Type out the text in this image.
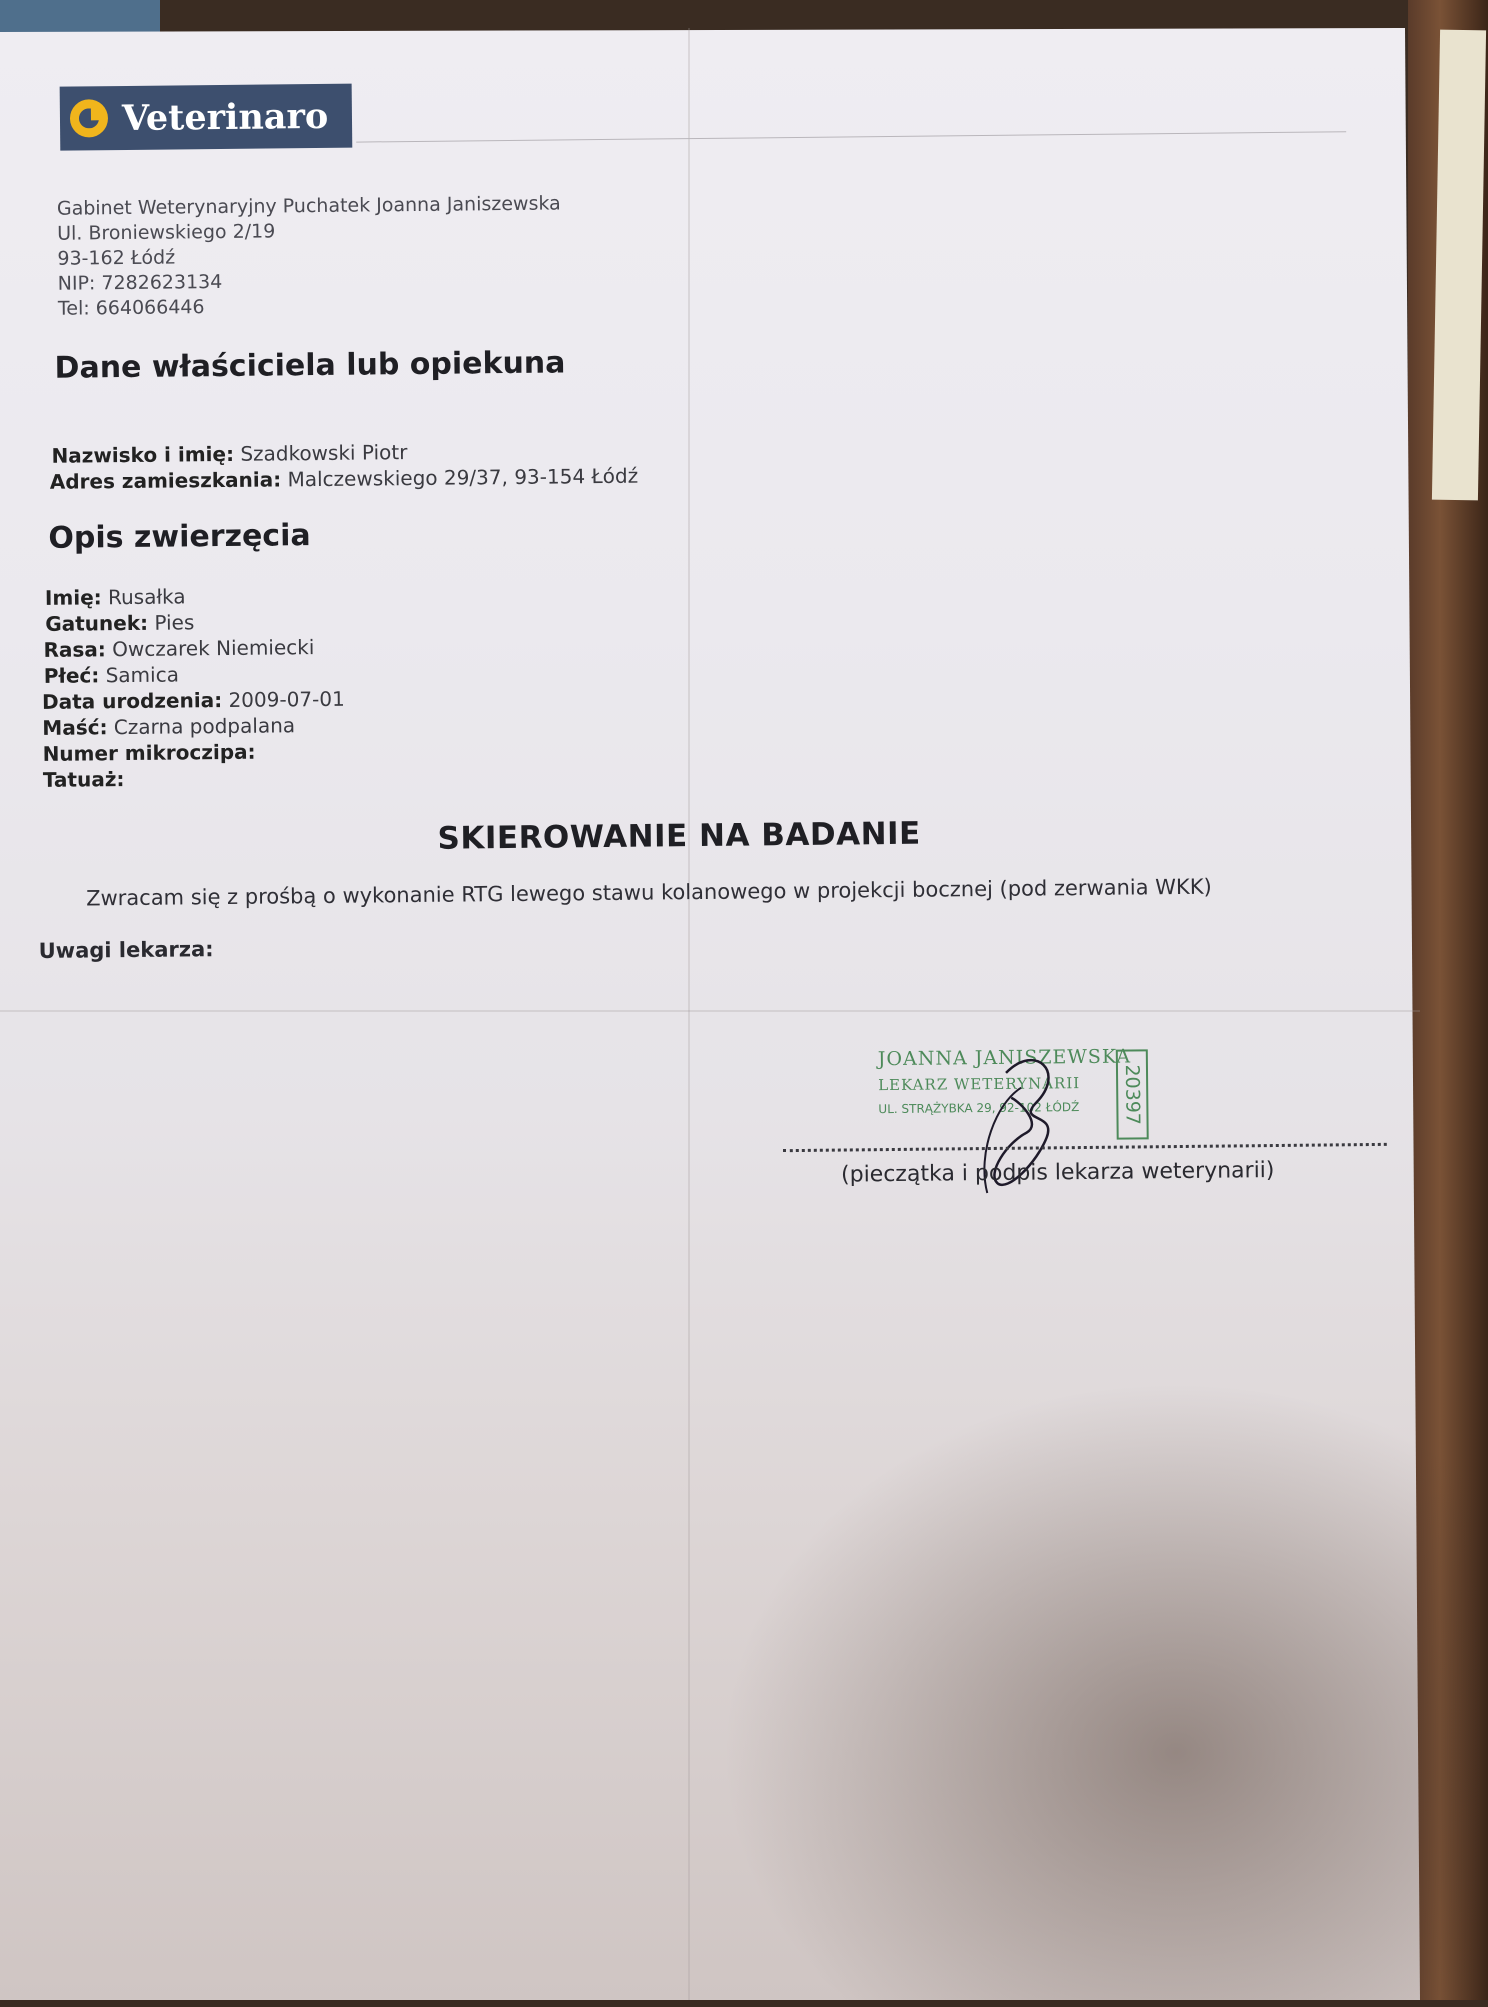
Veterinaro
Gabinet Weterynaryjny Puchatek Joanna Janiszewska
Ul. Broniewskiego 2/19
93-162 Łódź
NIP: 7282623134
Tel: 664066446
Dane właściciela lub opiekuna
Nazwisko i imię: Szadkowski Piotr
Adres zamieszkania: Malczewskiego 29/37, 93-154 Łódź
Opis zwierzęcia
Imię: Rusałka
Gatunek: Pies
Rasa: Owczarek Niemiecki
Płeć: Samica
Data urodzenia: 2009-07-01
Maść: Czarna podpalana
Numer mikroczipa:
Tatuaż:
SKIEROWANIE NA BADANIE
Zwracam się z prośbą o wykonanie RTG lewego stawu kolanowego w projekcji bocznej (pod zerwania WKK)
Uwagi lekarza:
JOANNA JANISZEWSKA
LEKARZ WETERYNARII
UL. STRĄŻYBKA 29, 92-102 ŁÓDŹ	20397
(pieczątka i podpis lekarza weterynarii)
